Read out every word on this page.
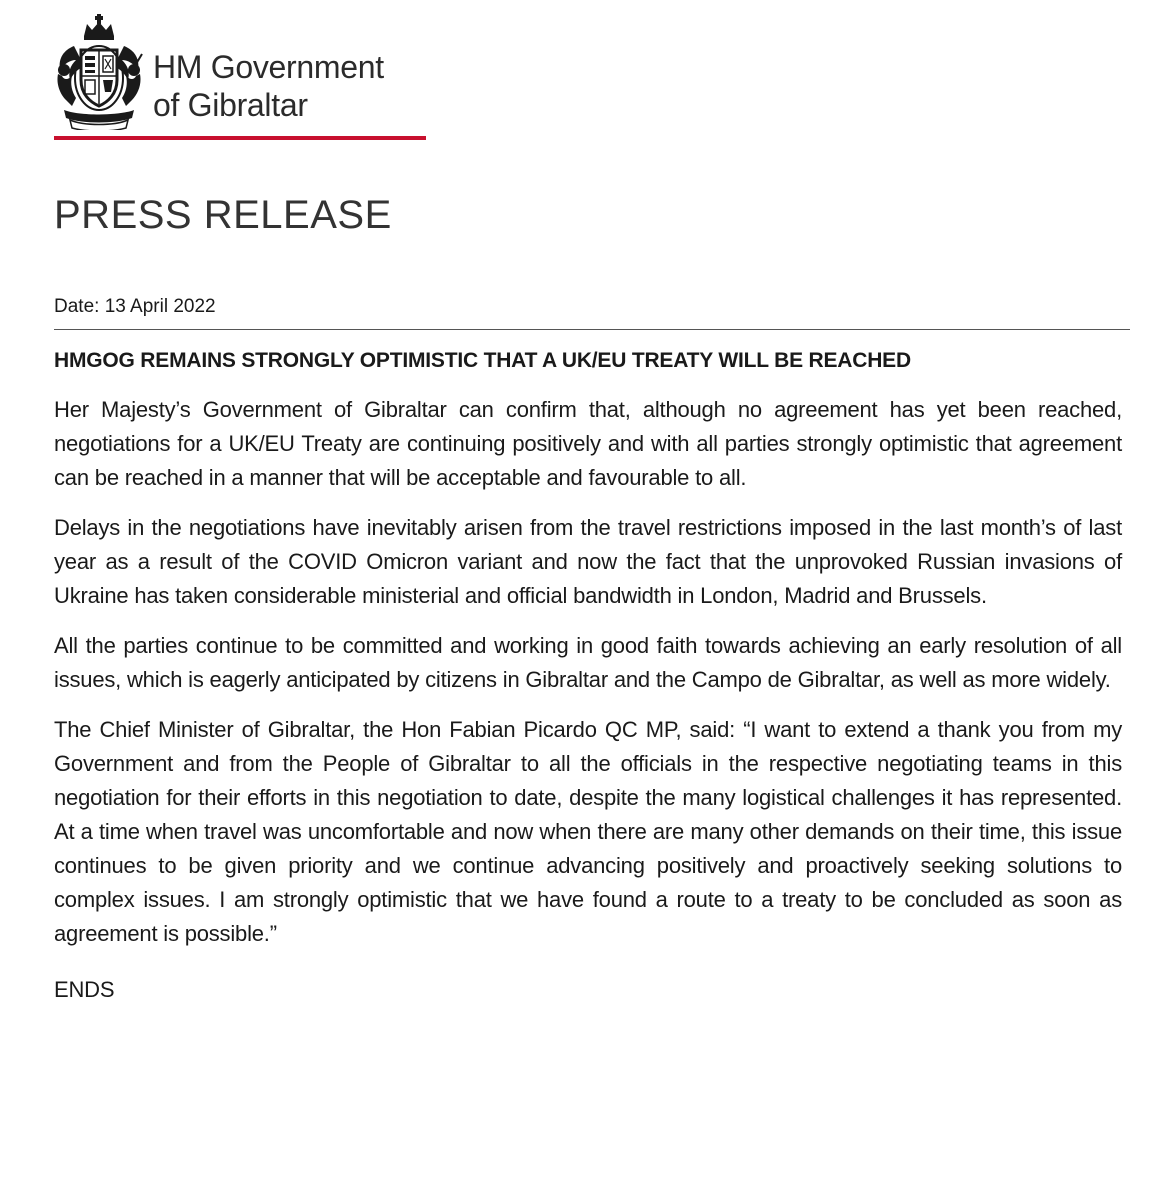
HM Government
of Gibraltar
PRESS RELEASE
Date: 13 April 2022
HMGOG REMAINS STRONGLY OPTIMISTIC THAT A UK/EU TREATY WILL BE REACHED

Her Majesty’s Government of Gibraltar can confirm that, although no agreement has yet been reached, negotiations for a UK/EU Treaty are continuing positively and with all parties strongly optimistic that agreement can be reached in a manner that will be acceptable and favourable to all.

Delays in the negotiations have inevitably arisen from the travel restrictions imposed in the last month’s of last year as a result of the COVID Omicron variant and now the fact that the unprovoked Russian invasions of Ukraine has taken considerable ministerial and official bandwidth in London, Madrid and Brussels.

All the parties continue to be committed and working in good faith towards achieving an early resolution of all issues, which is eagerly anticipated by citizens in Gibraltar and the Campo de Gibraltar, as well as more widely.

The Chief Minister of Gibraltar, the Hon Fabian Picardo QC MP, said: “I want to extend a thank you from my Government and from the People of Gibraltar to all the officials in the respective negotiating teams in this negotiation for their efforts in this negotiation to date, despite the many logistical challenges it has represented. At a time when travel was uncomfortable and now when there are many other demands on their time, this issue continues to be given priority and we continue advancing positively and proactively seeking solutions to complex issues. I am strongly optimistic that we have found a route to a treaty to be concluded as soon as agreement is possible.”

ENDS
